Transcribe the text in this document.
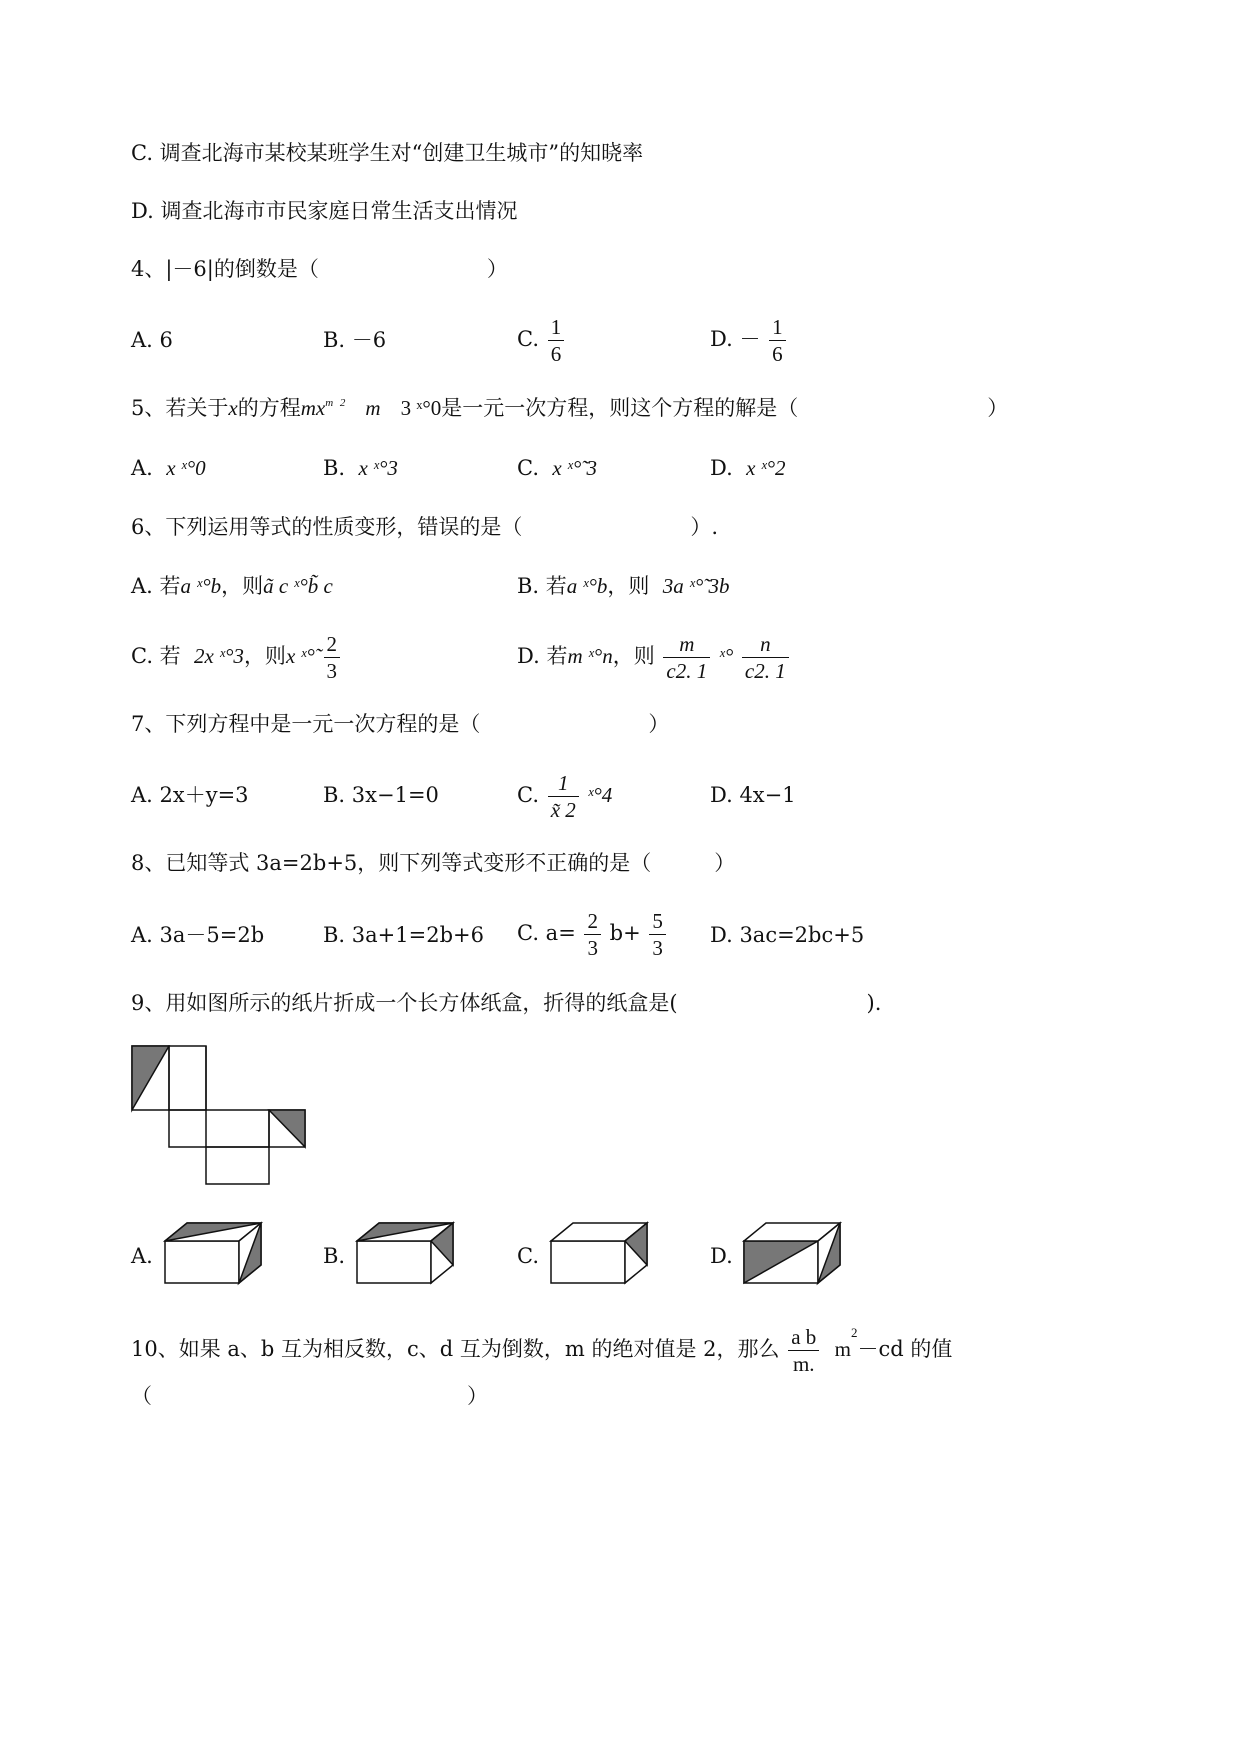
C. 调查北海市某校某班学生对“创建卫生城市”的知晓率
D. 调查北海市市民家庭日常生活支出情况
4、|－6|的倒数是（　　　　　　　　）
A. 6	B. －6	C. $\frac{1}{6}$	D. － $\frac{1}{6}$
5、若关于x的方程$mx^m$ $^2$ m 3 ˣ°0是一元一次方程，则这个方程的解是（　　　　　　　　　）
A. x ˣ°0	B. x ˣ°3	C. x ˣ°̃ 3	D. x ˣ°2
6、下列运用等式的性质变形，错误的是（　　　　　　　　）.
A. 若a ˣ°b，则ã c ˣ°b̃ c	B. 若a ˣ°b，则 3a ˣ°̃ 3b
C. 若 2x ˣ°3，则x ˣ°̃ $\frac{2}{3}$	D. 若m ˣ°n，则 $\frac{m}{c2. 1}$ ˣ° $\frac{n}{c2. 1}$
7、下列方程中是一元一次方程的是（　　　　　　　　）
A. 2x＋y=3	B. 3x−1=0	C. $\frac{1}{x̃ 2}$ ˣ°4	D. 4x−1
8、已知等式 3a=2b+5，则下列等式变形不正确的是（　　　）
A. 3a－5=2b	B. 3a+1=2b+6 C. $a= \frac{2}{3} b+ \frac{5}{3} D$. 3ac=2bc+5
9、用如图所示的纸片折成一个长方体纸盒，折得的纸盒是(　　　　　　　　　).
A.	B.	C.	D.
10、如果 a、b 互为相反数，c、d 互为倒数，m 的绝对值是 2，那么 $\frac{\text{a b}}{m.} m^2-cd$ 的值
（　　　　　　　　　　　　　　　）
